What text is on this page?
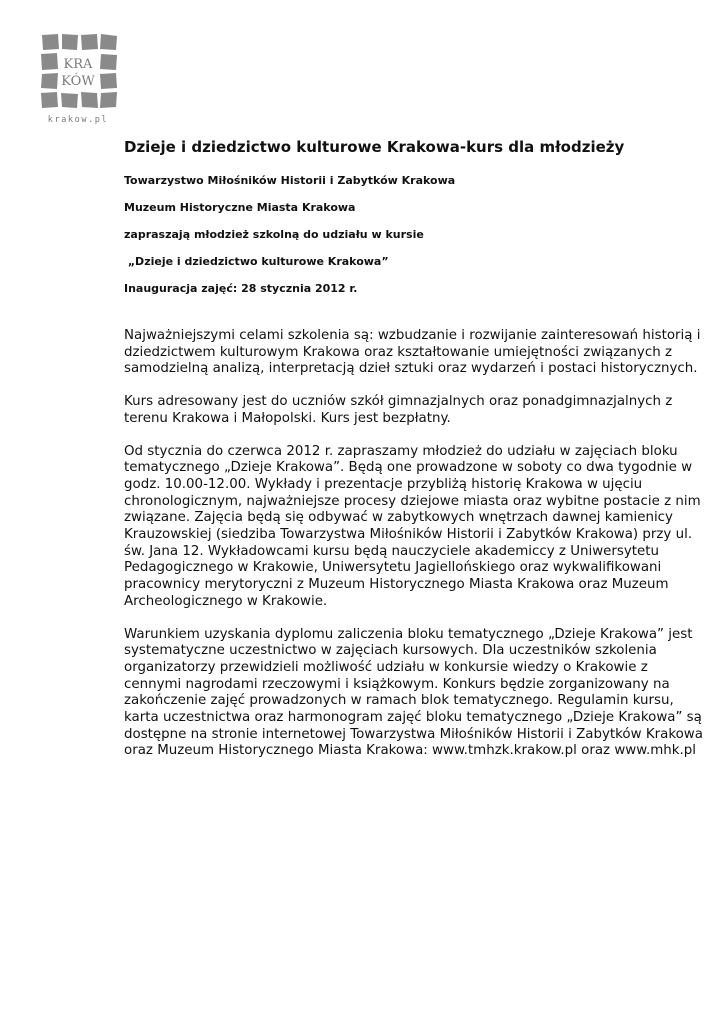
KRA
KÓW
krakow.pl
Dzieje i dziedzictwo kulturowe Krakowa-kurs dla młodzieży
Towarzystwo Miłośników Historii i Zabytków Krakowa
Muzeum Historyczne Miasta Krakowa
zapraszają młodzież szkolną do udziału w kursie
„Dzieje i dziedzictwo kulturowe Krakowa”
Inauguracja zajęć: 28 stycznia 2012 r.

Najważniejszymi celami szkolenia są: wzbudzanie i rozwijanie zainteresowań historią i dziedzictwem kulturowym Krakowa oraz kształtowanie umiejętności związanych z samodzielną analizą, interpretacją dzieł sztuki oraz wydarzeń i postaci historycznych.

Kurs adresowany jest do uczniów szkół gimnazjalnych oraz ponadgimnazjalnych z terenu Krakowa i Małopolski. Kurs jest bezpłatny.

Od stycznia do czerwca 2012 r. zapraszamy młodzież do udziału w zajęciach bloku tematycznego „Dzieje Krakowa”. Będą one prowadzone w soboty co dwa tygodnie w godz. 10.00-12.00. Wykłady i prezentacje przybliżą historię Krakowa w ujęciu chronologicznym, najważniejsze procesy dziejowe miasta oraz wybitne postacie z nim związane. Zajęcia będą się odbywać w zabytkowych wnętrzach dawnej kamienicy Krauzowskiej (siedziba Towarzystwa Miłośników Historii i Zabytków Krakowa) przy ul. św. Jana 12. Wykładowcami kursu będą nauczyciele akademiccy z Uniwersytetu Pedagogicznego w Krakowie, Uniwersytetu Jagiellońskiego oraz wykwalifikowani pracownicy merytoryczni z Muzeum Historycznego Miasta Krakowa oraz Muzeum Archeologicznego w Krakowie.

Warunkiem uzyskania dyplomu zaliczenia bloku tematycznego „Dzieje Krakowa” jest systematyczne uczestnictwo w zajęciach kursowych. Dla uczestników szkolenia organizatorzy przewidzieli możliwość udziału w konkursie wiedzy o Krakowie z cennymi nagrodami rzeczowymi i książkowym. Konkurs będzie zorganizowany na zakończenie zajęć prowadzonych w ramach blok tematycznego. Regulamin kursu, karta uczestnictwa oraz harmonogram zajęć bloku tematycznego „Dzieje Krakowa” są dostępne na stronie internetowej Towarzystwa Miłośników Historii i Zabytków Krakowa oraz Muzeum Historycznego Miasta Krakowa: www.tmhzk.krakow.pl oraz www.mhk.pl
